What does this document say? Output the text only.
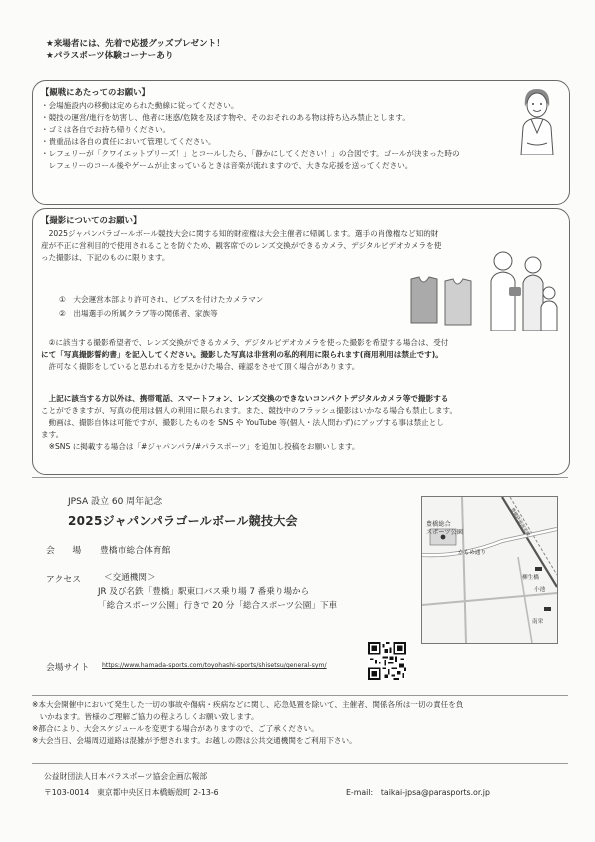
★来場者には、先着で応援グッズプレゼント！
★パラスポーツ体験コーナーあり
【観戦にあたってのお願い】
・会場施設内の移動は定められた動線に従ってください。
・競技の運営/進行を妨害し、他者に迷惑/危険を及ぼす物や、そのおそれのある物は持ち込み禁止とします。
・ゴミは各自でお持ち帰りください。
・貴重品は各自の責任において管理してください。
・レフェリーが「クワイエットプリーズ！」とコールしたら、「静かにしてください！」の合図です。ゴールが決まった時の
　レフェリーのコール後やゲームが止まっているときは音楽が流れますので、大きな応援を送ってください。
【撮影についてのお願い】
　2025ジャパンパラゴールボール競技大会に関する知的財産権は大会主催者に帰属します。選手の肖像権など知的財
産が不正に営利目的で使用されることを防ぐため、観客席でのレンズ交換ができるカメラ、デジタルビデオカメラを使
った撮影は、下記のものに限ります。
①　大会運営本部より許可され、ビブスを付けたカメラマン
②　出場選手の所属クラブ等の関係者、家族等
　②に該当する撮影希望者で、レンズ交換ができるカメラ、デジタルビデオカメラを使った撮影を希望する場合は、受付
にて「写真撮影誓約書」を記入してください。撮影した写真は非営利の私的利用に限られます(商用利用は禁止です)。
　許可なく撮影をしていると思われる方を見かけた場合、確認をさせて頂く場合があります。
　上記に該当する方以外は、携帯電話、スマートフォン、レンズ交換のできないコンパクトデジタルカメラ等で撮影する
ことができますが、写真の使用は個人の利用に限られます。また、競技中のフラッシュ撮影はいかなる場合も禁止します。
　動画は、撮影自体は可能ですが、撮影したものを SNS や YouTube 等(個人・法人問わず)にアップする事は禁止とし
ます。
　※SNS に掲載する場合は「#ジャパンパラ/#パラスポーツ」を追加し投稿をお願いします。
JPSA 設立 60 周年記念
2025ジャパンパラゴールボール競技大会
会　　場 豊橋市総合体育館
アクセス	＜交通機関＞
JR 及び名鉄「豊橋」駅東口バス乗り場 7 番乗り場から
「総合スポーツ公園」行きで 20 分「総合スポーツ公園」下車
会場サイト https://www.hamada-sports.com/toyohashi-sports/shisetsu/general-sym/
豊橋総合
スポーツ公園
かもめ通り
柳生橋
小池
南栄
豊橋鉄道渥美線
※本大会開催中において発生した一切の事故や傷病・疾病などに関し、応急処置を除いて、主催者、関係各所は一切の責任を負
　いかねます。皆様のご理解ご協力の程よろしくお願い致します。
※都合により、大会スケジュールを変更する場合がありますので、ご了承ください。
※大会当日、会場周辺道路は混雑が予想されます。お越しの際は公共交通機関をご利用下さい。
公益財団法人日本パラスポーツ協会企画広報部
〒103-0014　東京都中央区日本橋蛎殻町 2-13-6	E-mail:　taikai-jpsa@parasports.or.jp
